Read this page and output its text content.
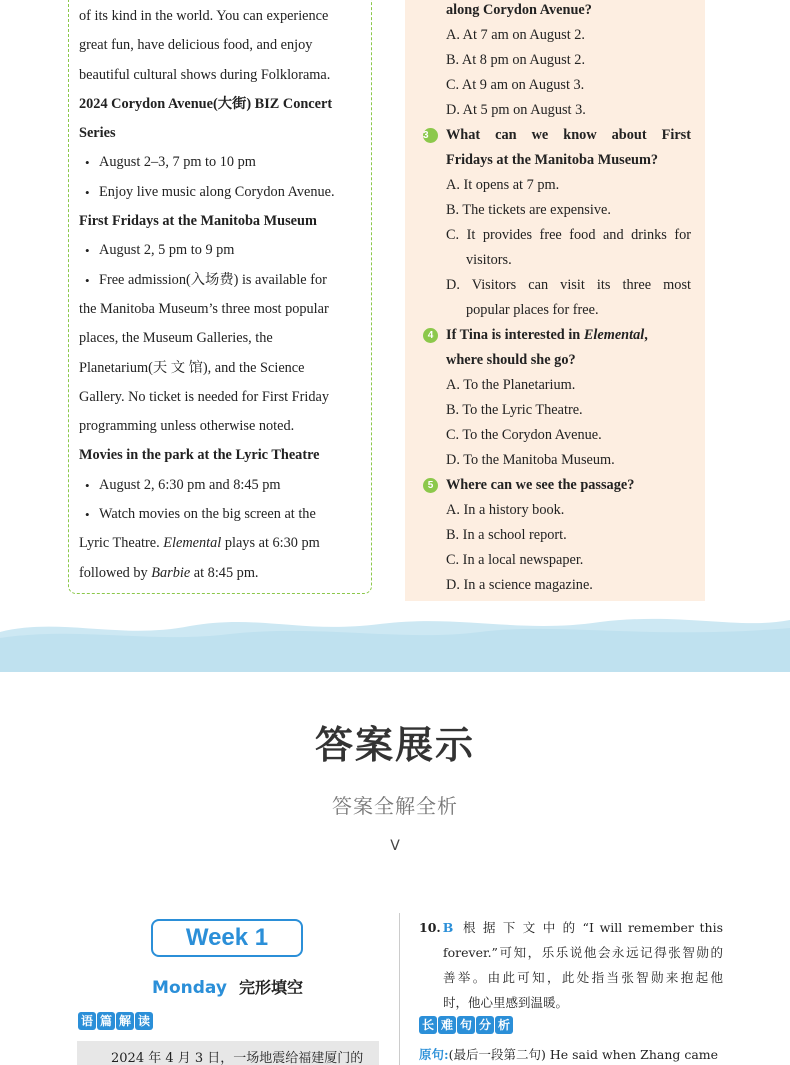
of its kind in the world. You can experience

great fun, have delicious food, and enjoy

beautiful cultural shows during Folklorama.

2024 Corydon Avenue(大街) BIZ Concert

Series

• August 2–3, 7 pm to 10 pm
• Enjoy live music along Corydon Avenue.

First Fridays at the Manitoba Museum

• August 2, 5 pm to 9 pm
• Free admission(入场费) is available for

the Manitoba Museum’s three most popular

places, the Museum Galleries, the

Planetarium(天 文 馆), and the Science

Gallery. No ticket is needed for First Friday

programming unless otherwise noted.

Movies in the park at the Lyric Theatre

• August 2, 6:30 pm and 8:45 pm
• Watch movies on the big screen at the

Lyric Theatre. Elemental plays at 6:30 pm

followed by Barbie at 8:45 pm.

along Corydon Avenue?
A. At 7 am on August 2.
B. At 8 pm on August 2.
C. At 9 am on August 3.
D. At 5 pm on August 3.
3	What can we know about First
Fridays at the Manitoba Museum?
A. It opens at 7 pm.
B. The tickets are expensive.
C. It provides free food and drinks for
visitors.
D. Visitors can visit its three most
popular places for free.
4 If Tina is interested in Elemental,
where should she go?
A. To the Planetarium.
B. To the Lyric Theatre.
C. To the Corydon Avenue.
D. To the Manitoba Museum.
5 Where can we see the passage?
A. In a history book.
B. In a school report.
C. In a local newspaper.
D. In a science magazine.
答案展示
答案全解全析
V
Week 1
Monday 完形填空
语 篇 解 读
2024 年 4 月 3 日，一场地震给福建厦门的
10. B 根 据 下 文 中 的 “I will remember this
forever.”可知，乐乐说他会永远记得张智勋的
善举。由此可知，此处指当张智勋来抱起他
时，他心里感到温暖。
长 难 句 分 析
原句:(最后一段第二句) He said when Zhang came
